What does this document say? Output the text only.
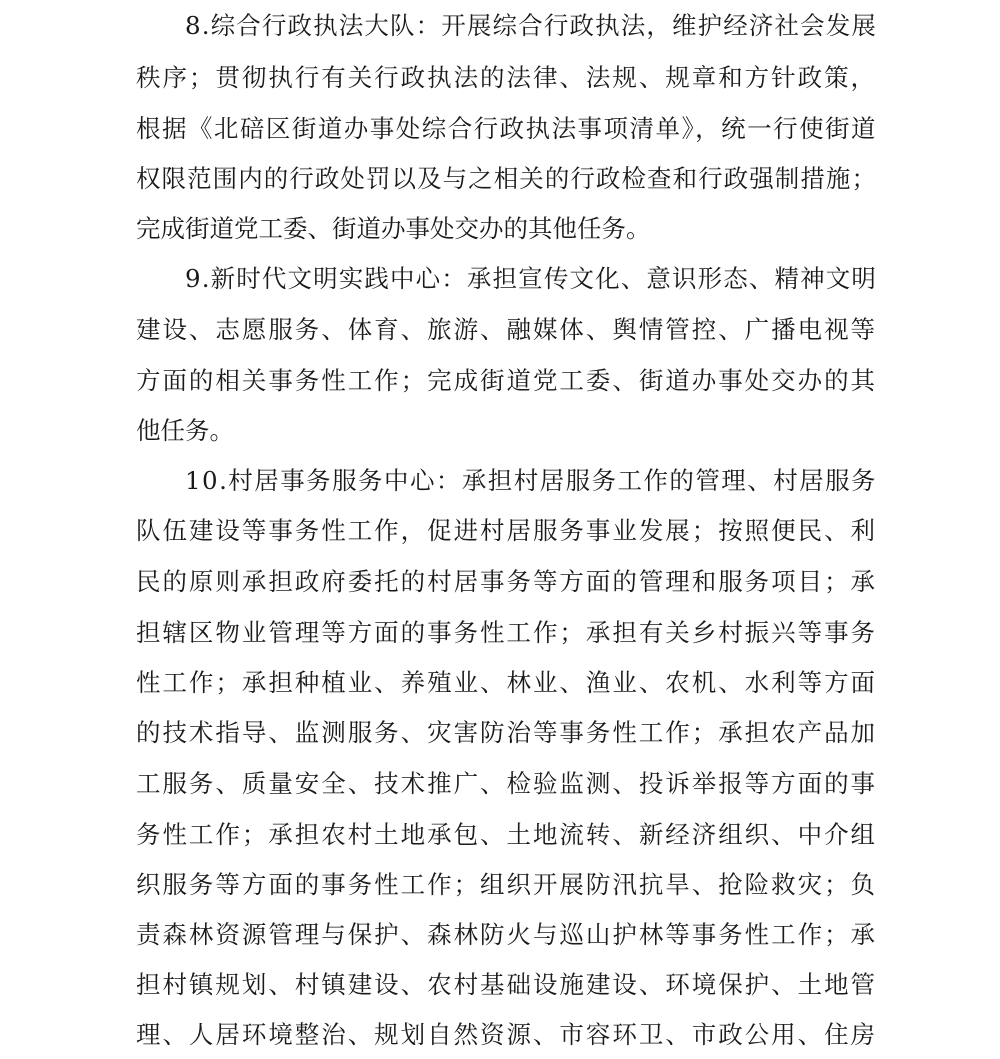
8.综合行政执法大队：开展综合行政执法，维护经济社会发展
秩序；贯彻执行有关行政执法的法律、法规、规章和方针政策，
根据《北碚区街道办事处综合行政执法事项清单》，统一行使街道
权限范围内的行政处罚以及与之相关的行政检查和行政强制措施；
完成街道党工委、街道办事处交办的其他任务。
9.新时代文明实践中心：承担宣传文化、意识形态、精神文明
建设、志愿服务、体育、旅游、融媒体、舆情管控、广播电视等
方面的相关事务性工作；完成街道党工委、街道办事处交办的其
他任务。
10.村居事务服务中心：承担村居服务工作的管理、村居服务
队伍建设等事务性工作，促进村居服务事业发展；按照便民、利
民的原则承担政府委托的村居事务等方面的管理和服务项目；承
担辖区物业管理等方面的事务性工作；承担有关乡村振兴等事务
性工作；承担种植业、养殖业、林业、渔业、农机、水利等方面
的技术指导、监测服务、灾害防治等事务性工作；承担农产品加
工服务、质量安全、技术推广、检验监测、投诉举报等方面的事
务性工作；承担农村土地承包、土地流转、新经济组织、中介组
织服务等方面的事务性工作；组织开展防汛抗旱、抢险救灾；负
责森林资源管理与保护、森林防火与巡山护林等事务性工作；承
担村镇规划、村镇建设、农村基础设施建设、环境保护、土地管
理、人居环境整治、规划自然资源、市容环卫、市政公用、住房
